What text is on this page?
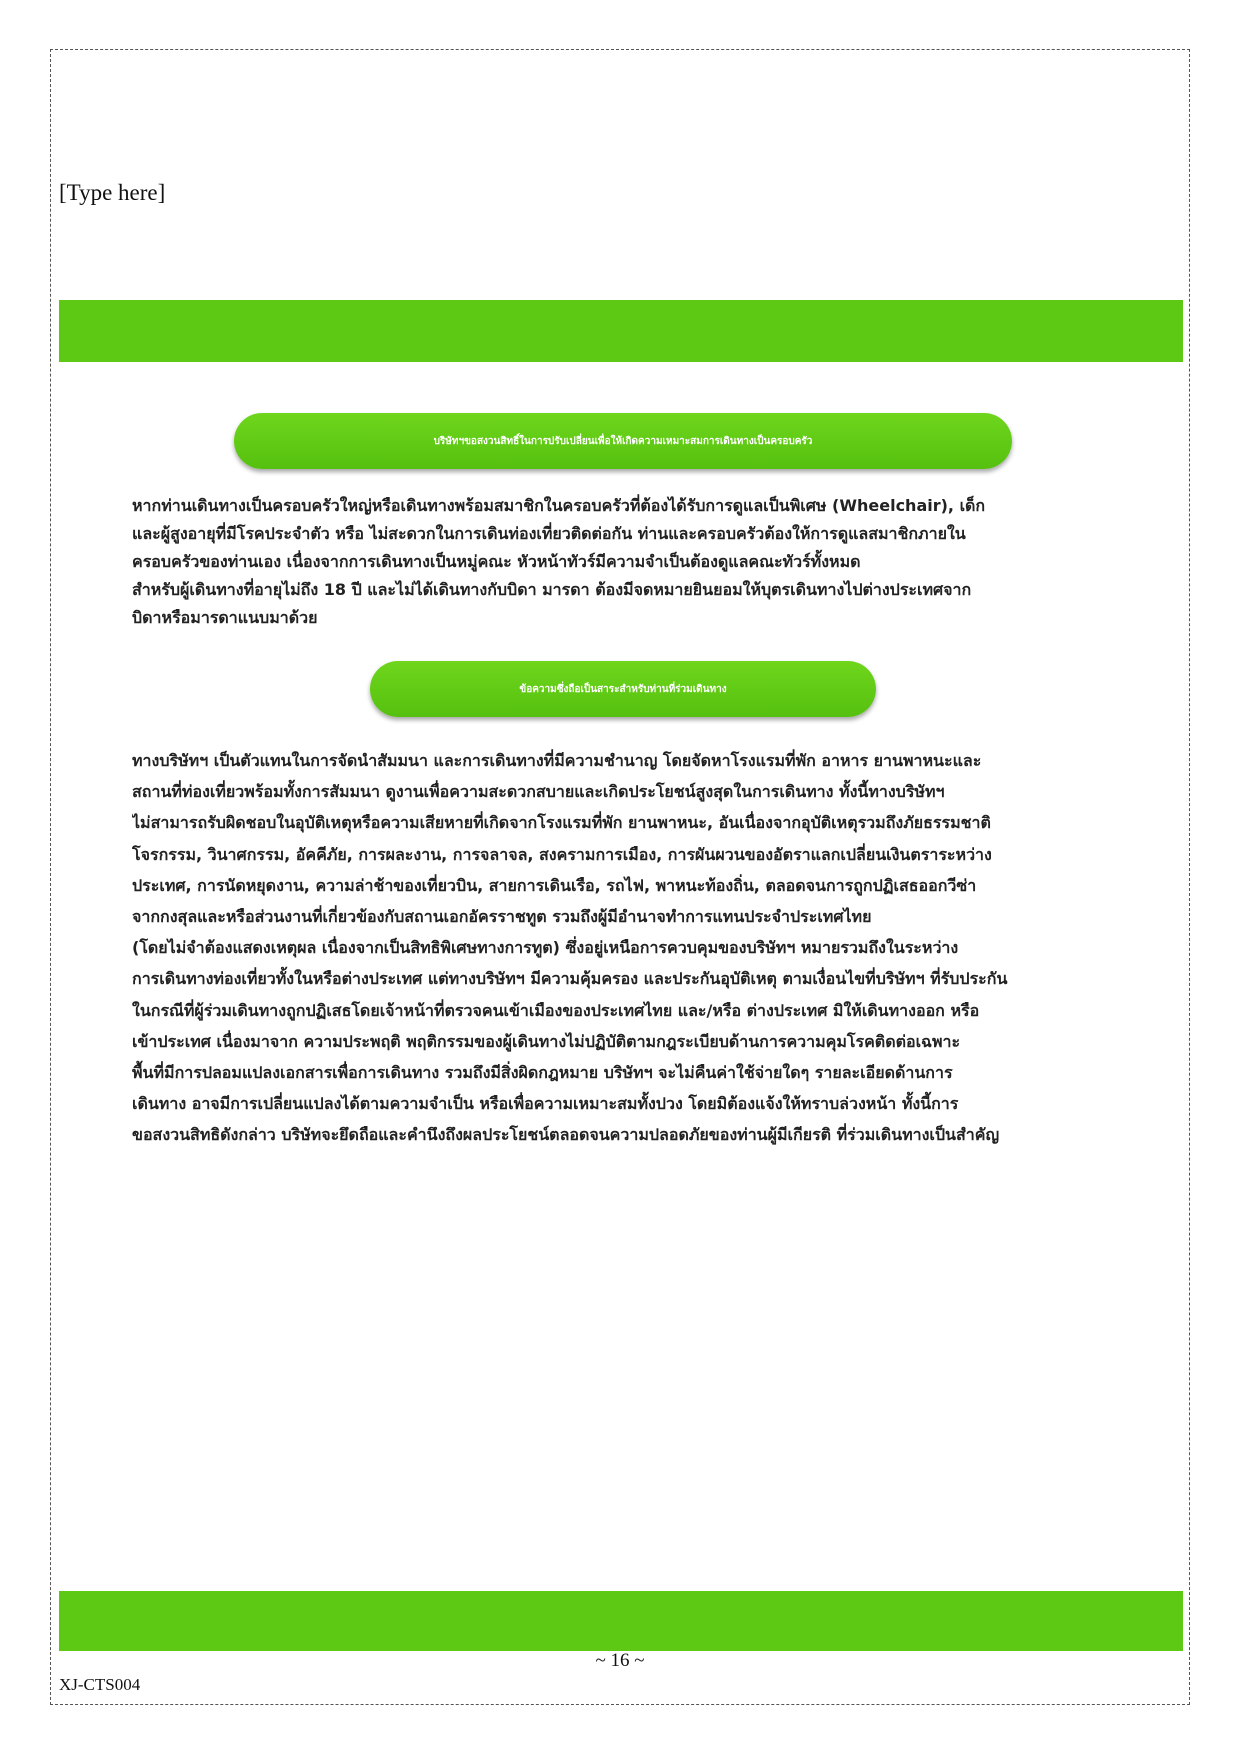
[Type here]
บริษัทฯขอสงวนสิทธิ์ในการปรับเปลี่ยนเพื่อให้เกิดความเหมาะสมการเดินทางเป็นครอบครัว
หากท่านเดินทางเป็นครอบครัวใหญ่หรือเดินทางพร้อมสมาชิกในครอบครัวที่ต้องได้รับการดูแลเป็นพิเศษ (Wheelchair), เด็ก
และผู้สูงอายุที่มีโรคประจำตัว หรือ ไม่สะดวกในการเดินท่องเที่ยวติดต่อกัน ท่านและครอบครัวต้องให้การดูแลสมาชิกภายใน
ครอบครัวของท่านเอง เนื่องจากการเดินทางเป็นหมู่คณะ หัวหน้าทัวร์มีความจำเป็นต้องดูแลคณะทัวร์ทั้งหมด
สำหรับผู้เดินทางที่อายุไม่ถึง 18 ปี และไม่ได้เดินทางกับบิดา มารดา ต้องมีจดหมายยินยอมให้บุตรเดินทางไปต่างประเทศจาก
บิดาหรือมารดาแนบมาด้วย
ข้อความซึ่งถือเป็นสาระสำหรับท่านที่ร่วมเดินทาง
ทางบริษัทฯ เป็นตัวแทนในการจัดนำสัมมนา และการเดินทางที่มีความชำนาญ โดยจัดหาโรงแรมที่พัก อาหาร ยานพาหนะและ
สถานที่ท่องเที่ยวพร้อมทั้งการสัมมนา ดูงานเพื่อความสะดวกสบายและเกิดประโยชน์สูงสุดในการเดินทาง ทั้งนี้ทางบริษัทฯ
ไม่สามารถรับผิดชอบในอุบัติเหตุหรือความเสียหายที่เกิดจากโรงแรมที่พัก ยานพาหนะ, อันเนื่องจากอุบัติเหตุรวมถึงภัยธรรมชาติ
โจรกรรม, วินาศกรรม, อัคคีภัย, การผละงาน, การจลาจล, สงครามการเมือง, การผันผวนของอัตราแลกเปลี่ยนเงินตราระหว่าง
ประเทศ, การนัดหยุดงาน, ความล่าช้าของเที่ยวบิน, สายการเดินเรือ, รถไฟ, พาหนะท้องถิ่น, ตลอดจนการถูกปฏิเสธออกวีซ่า
จากกงสุลและหรือส่วนงานที่เกี่ยวข้องกับสถานเอกอัครราชทูต รวมถึงผู้มีอำนาจทำการแทนประจำประเทศไทย
(โดยไม่จำต้องแสดงเหตุผล เนื่องจากเป็นสิทธิพิเศษทางการทูต) ซึ่งอยู่เหนือการควบคุมของบริษัทฯ หมายรวมถึงในระหว่าง
การเดินทางท่องเที่ยวทั้งในหรือต่างประเทศ แต่ทางบริษัทฯ มีความคุ้มครอง และประกันอุบัติเหตุ ตามเงื่อนไขที่บริษัทฯ ที่รับประกัน
ในกรณีที่ผู้ร่วมเดินทางถูกปฏิเสธโดยเจ้าหน้าที่ตรวจคนเข้าเมืองของประเทศไทย และ/หรือ ต่างประเทศ มิให้เดินทางออก หรือ
เข้าประเทศ เนื่องมาจาก ความประพฤติ พฤติกรรมของผู้เดินทางไม่ปฏิบัติตามกฎระเบียบด้านการความคุมโรคติดต่อเฉพาะ
พื้นที่มีการปลอมแปลงเอกสารเพื่อการเดินทาง รวมถึงมีสิ่งผิดกฎหมาย บริษัทฯ จะไม่คืนค่าใช้จ่ายใดๆ รายละเอียดด้านการ
เดินทาง อาจมีการเปลี่ยนแปลงได้ตามความจำเป็น หรือเพื่อความเหมาะสมทั้งปวง โดยมิต้องแจ้งให้ทราบล่วงหน้า ทั้งนี้การ
ขอสงวนสิทธิดังกล่าว บริษัทจะยึดถือและคำนึงถึงผลประโยชน์ตลอดจนความปลอดภัยของท่านผู้มีเกียรติ ที่ร่วมเดินทางเป็นสำคัญ
~ 16 ~
XJ-CTS004
